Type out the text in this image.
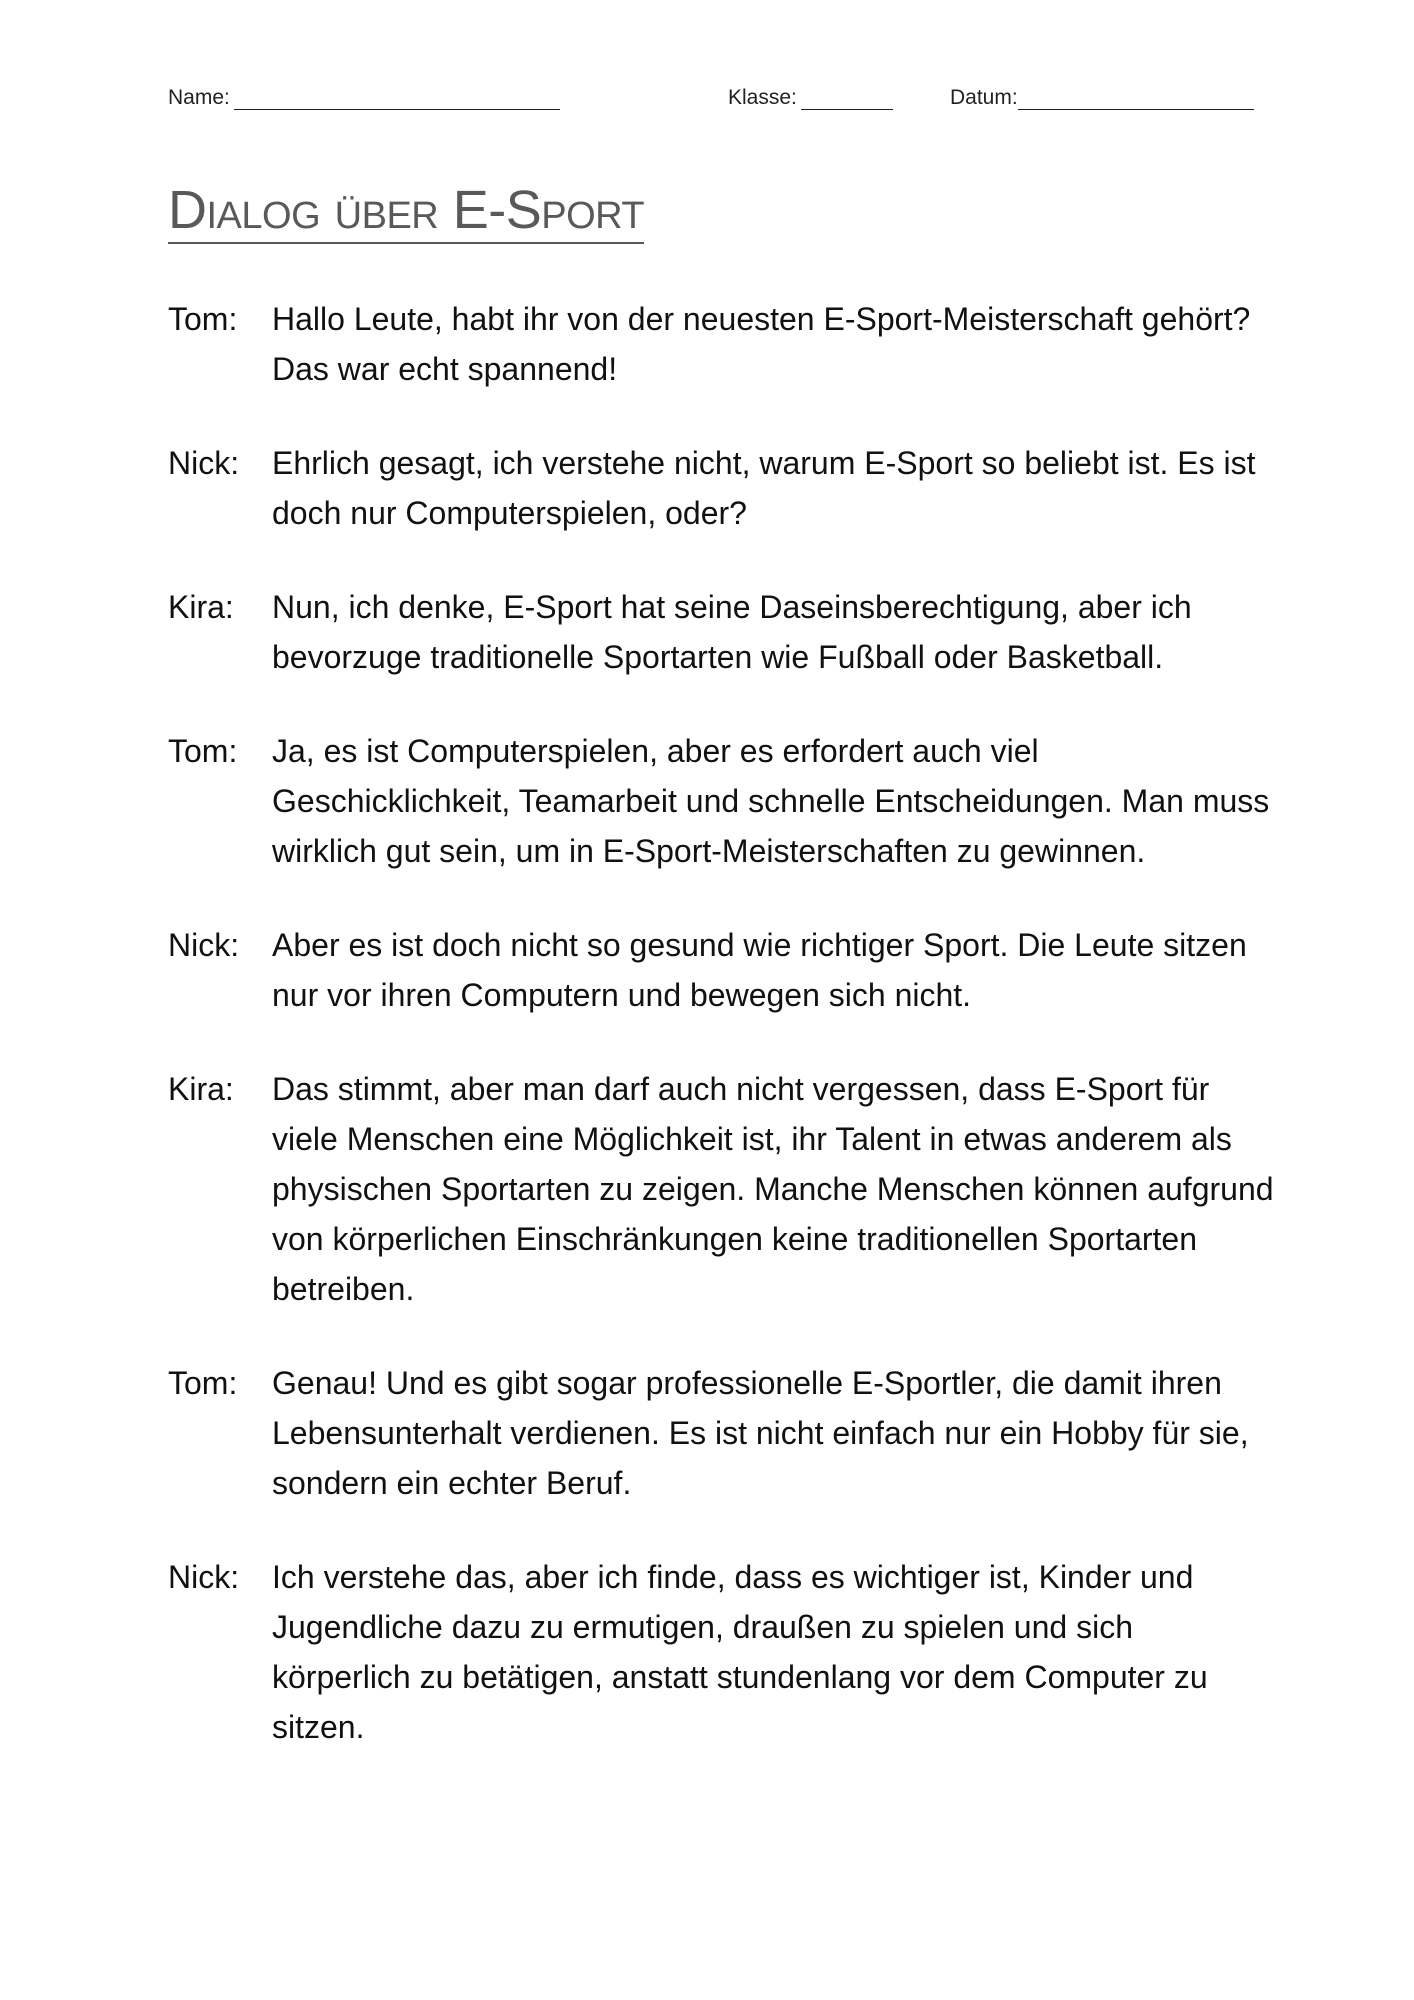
Name:	Klasse:	Datum:
Dialog über E-Sport
Tom:	Hallo Leute, habt ihr von der neuesten E-Sport-Meisterschaft gehört? Das war echt spannend!
Nick:	Ehrlich gesagt, ich verstehe nicht, warum E-Sport so beliebt ist. Es ist doch nur Computerspielen, oder?
Kira:	Nun, ich denke, E-Sport hat seine Daseinsberechtigung, aber ich bevorzuge traditionelle Sportarten wie Fußball oder Basketball.
Tom:	Ja, es ist Computerspielen, aber es erfordert auch viel Geschicklichkeit, Teamarbeit und schnelle Entscheidungen. Man muss wirklich gut sein, um in E-Sport-Meisterschaften zu gewinnen.
Nick:	Aber es ist doch nicht so gesund wie richtiger Sport. Die Leute sitzen nur vor ihren Computern und bewegen sich nicht.
Kira:	Das stimmt, aber man darf auch nicht vergessen, dass E-Sport für viele Menschen eine Möglichkeit ist, ihr Talent in etwas anderem als physischen Sportarten zu zeigen. Manche Menschen können aufgrund von körperlichen Einschränkungen keine traditionellen Sportarten betreiben.
Tom:	Genau! Und es gibt sogar professionelle E-Sportler, die damit ihren Lebensunterhalt verdienen. Es ist nicht einfach nur ein Hobby für sie, sondern ein echter Beruf.
Nick:	Ich verstehe das, aber ich finde, dass es wichtiger ist, Kinder und Jugendliche dazu zu ermutigen, draußen zu spielen und sich körperlich zu betätigen, anstatt stundenlang vor dem Computer zu sitzen.
